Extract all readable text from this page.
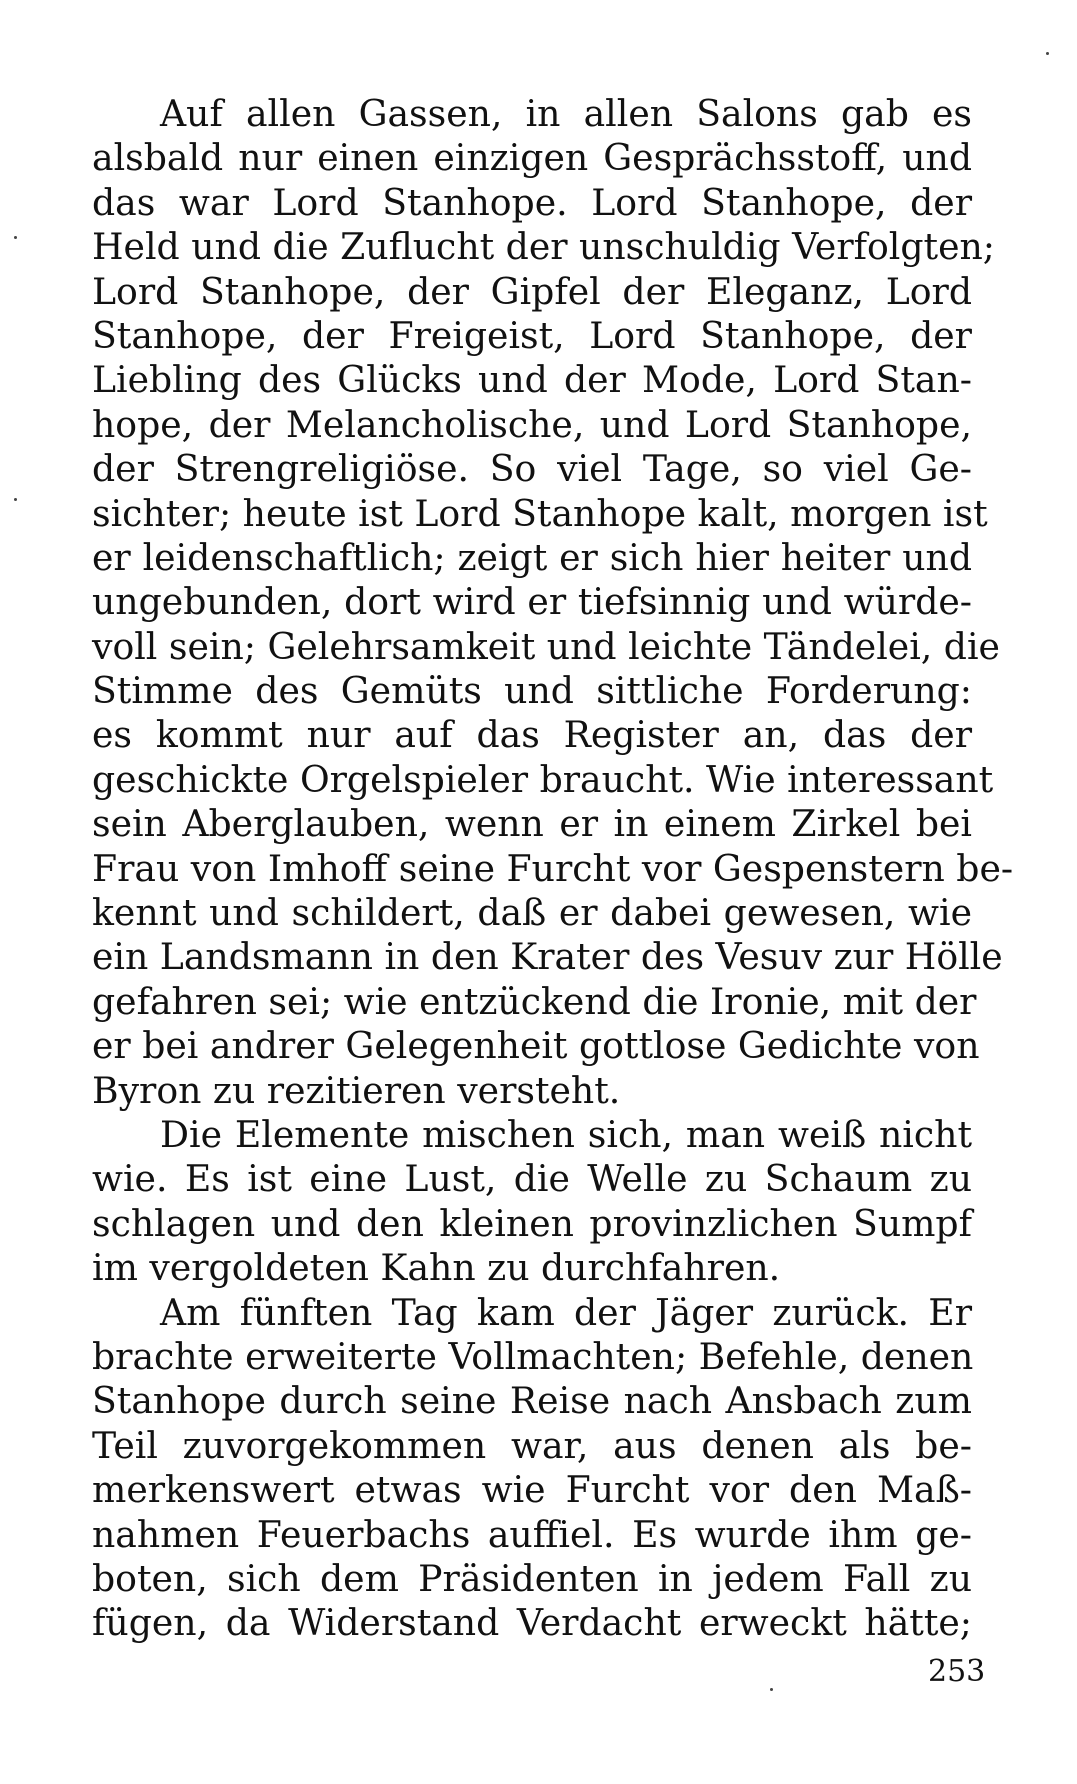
Auf allen Gassen, in allen Salons gab es
alsbald nur einen einzigen Gesprächsstoff, und
das war Lord Stanhope. Lord Stanhope, der
Held und die Zuflucht der unschuldig Verfolgten;
Lord Stanhope, der Gipfel der Eleganz, Lord
Stanhope, der Freigeist, Lord Stanhope, der
Liebling des Glücks und der Mode, Lord Stan-
hope, der Melancholische, und Lord Stanhope,
der Strengreligiöse. So viel Tage, so viel Ge-
sichter; heute ist Lord Stanhope kalt, morgen ist
er leidenschaftlich; zeigt er sich hier heiter und
ungebunden, dort wird er tiefsinnig und würde-
voll sein; Gelehrsamkeit und leichte Tändelei, die
Stimme des Gemüts und sittliche Forderung:
es kommt nur auf das Register an, das der
geschickte Orgelspieler braucht. Wie interessant
sein Aberglauben, wenn er in einem Zirkel bei
Frau von Imhoff seine Furcht vor Gespenstern be-
kennt und schildert, daß er dabei gewesen, wie
ein Landsmann in den Krater des Vesuv zur Hölle
gefahren sei; wie entzückend die Ironie, mit der
er bei andrer Gelegenheit gottlose Gedichte von
Byron zu rezitieren versteht.
Die Elemente mischen sich, man weiß nicht
wie. Es ist eine Lust, die Welle zu Schaum zu
schlagen und den kleinen provinzlichen Sumpf
im vergoldeten Kahn zu durchfahren.
Am fünften Tag kam der Jäger zurück. Er
brachte erweiterte Vollmachten; Befehle, denen
Stanhope durch seine Reise nach Ansbach zum
Teil zuvorgekommen war, aus denen als be-
merkenswert etwas wie Furcht vor den Maß-
nahmen Feuerbachs auffiel. Es wurde ihm ge-
boten, sich dem Präsidenten in jedem Fall zu
fügen, da Widerstand Verdacht erweckt hätte;
253
